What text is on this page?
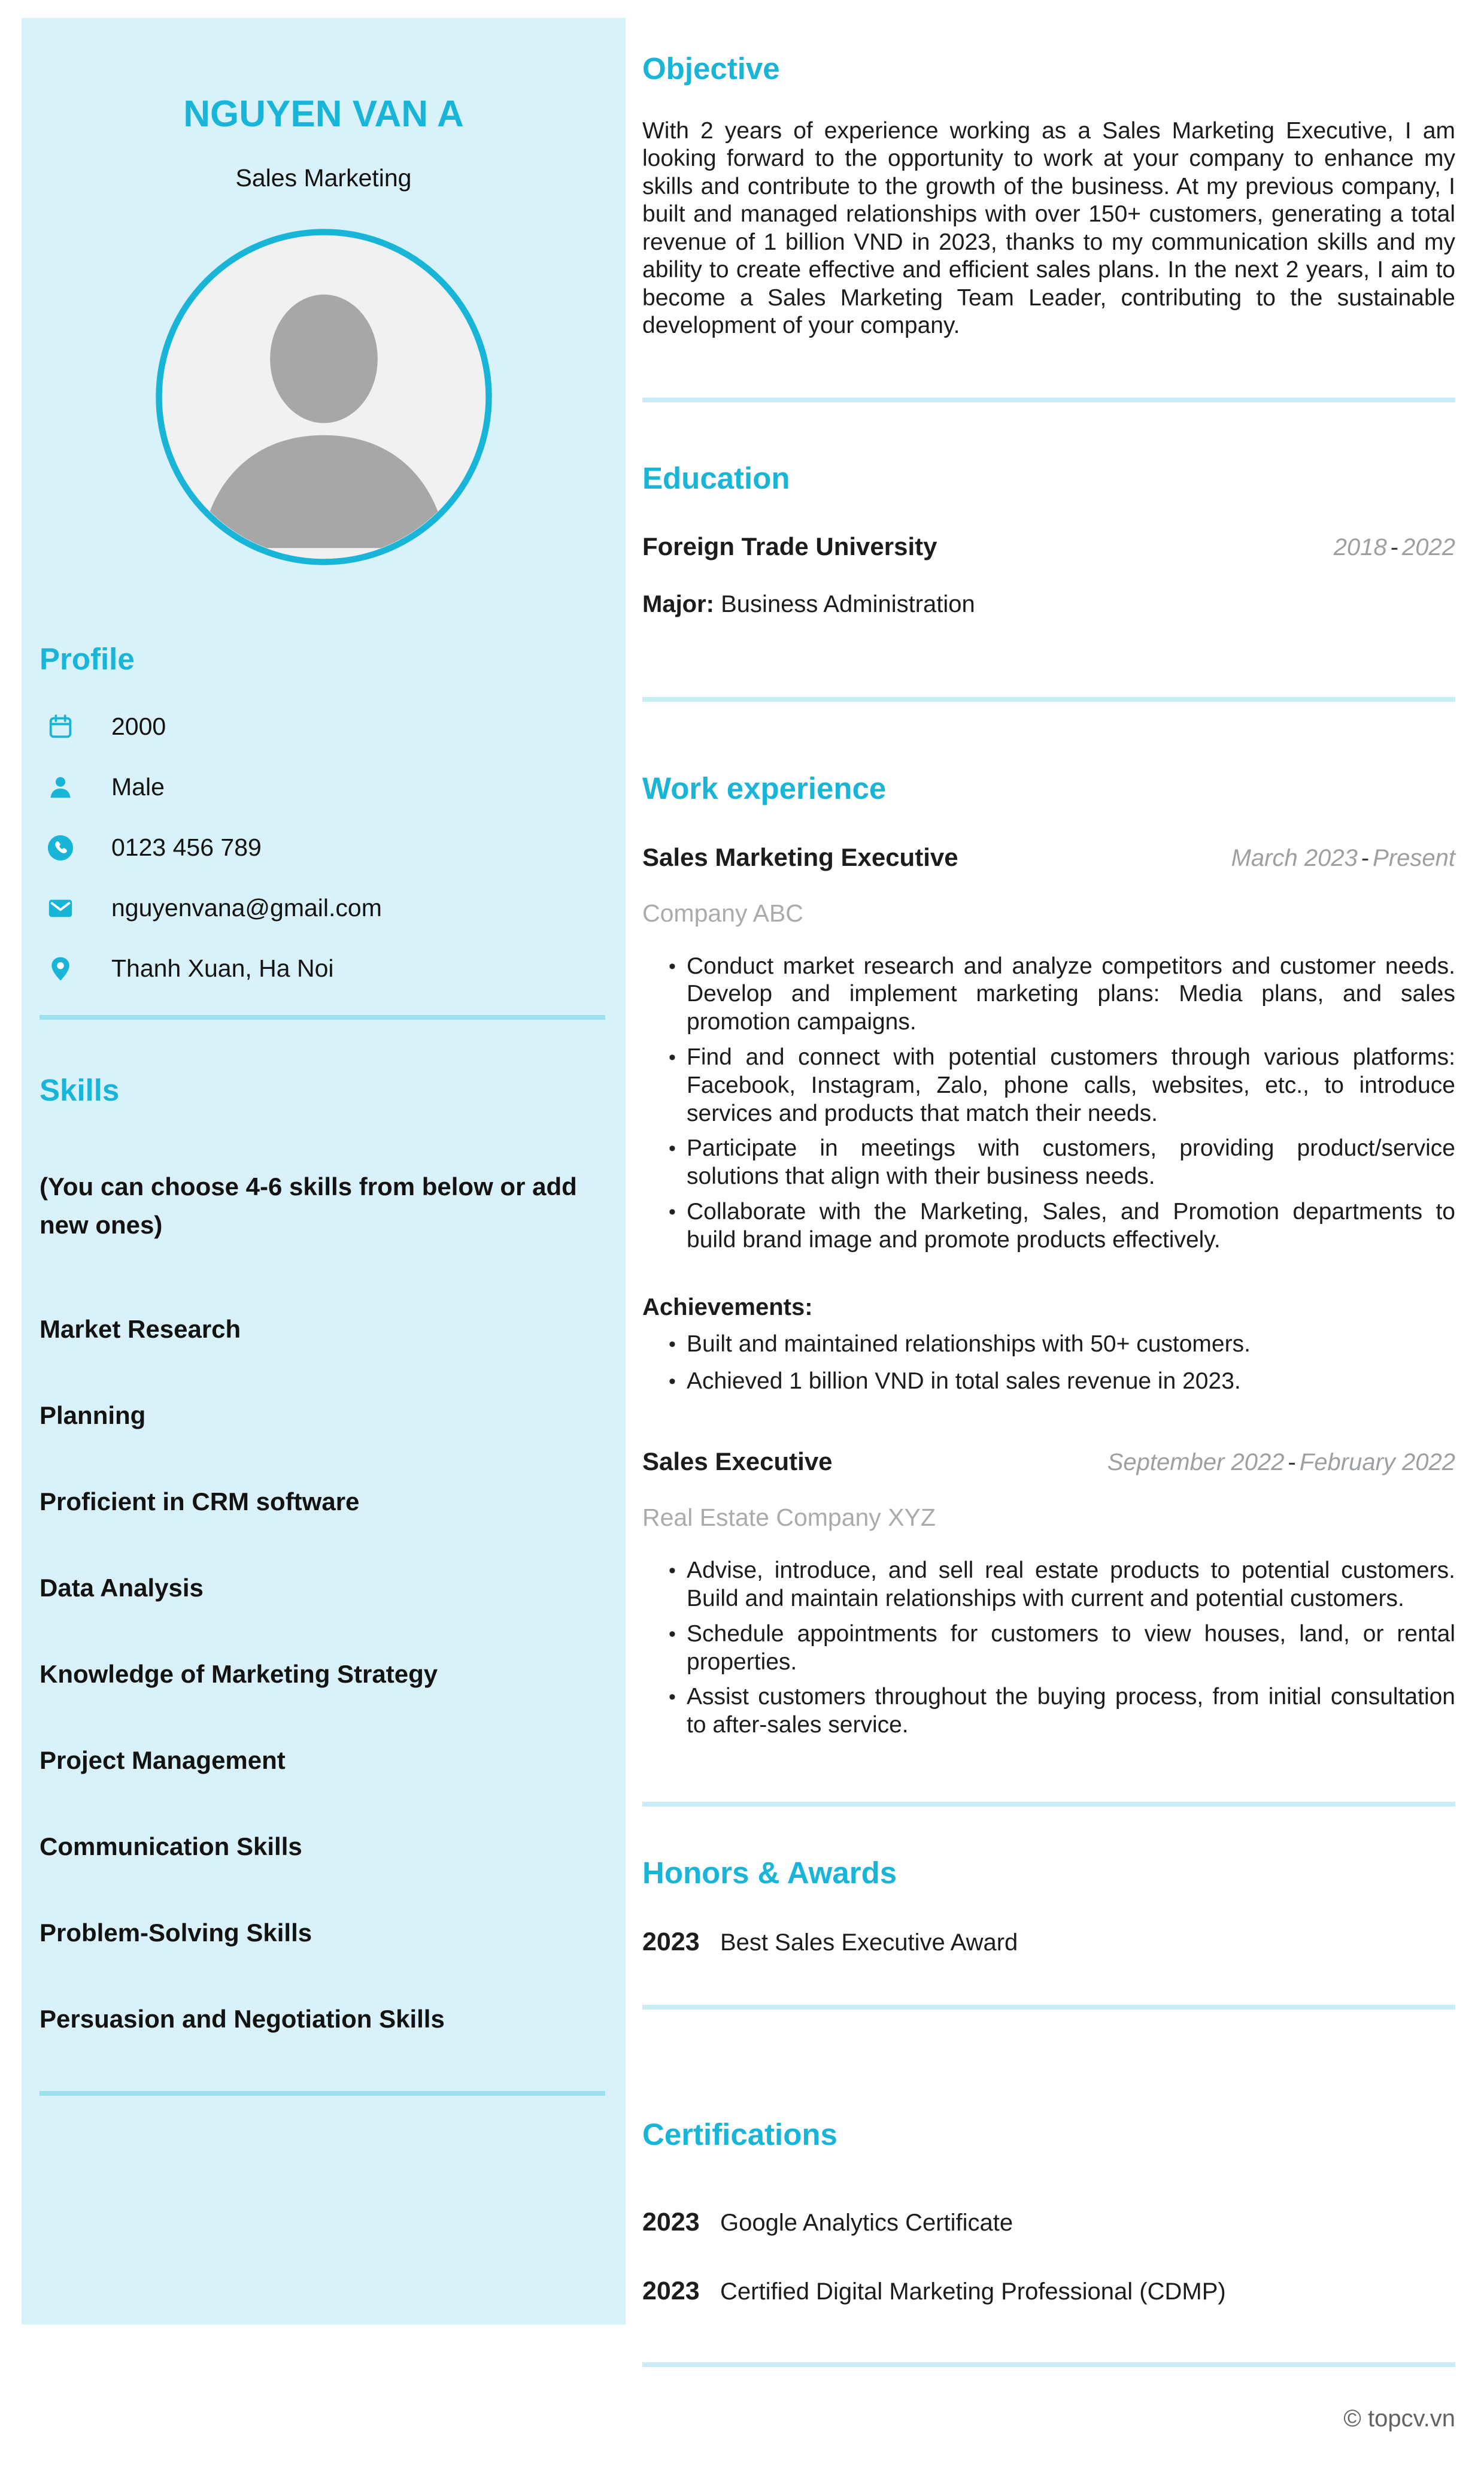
NGUYEN VAN A
Sales Marketing
Profile
2000
Male
0123 456 789
nguyenvana@gmail.com
Thanh Xuan, Ha Noi
Skills

(You can choose 4-6 skills from below or add new ones)

Market Research
Planning
Proficient in CRM software
Data Analysis
Knowledge of Marketing Strategy
Project Management
Communication Skills
Problem-Solving Skills
Persuasion and Negotiation Skills
Objective

With 2 years of experience working as a Sales Marketing Executive, I am looking forward to the opportunity to work at your company to enhance my skills and contribute to the growth of the business. At my previous company, I built and managed relationships with over 150+ customers, generating a total revenue of 1 billion VND in 2023, thanks to my communication skills and my ability to create effective and efficient sales plans. In the next 2 years, I aim to become a Sales Marketing Team Leader, contributing to the sustainable development of your company.

Education
Foreign Trade University	2018 - 2022
Major: Business Administration
Work experience
Sales Marketing Executive	March 2023 - Present
Company ABC
• Conduct market research and analyze competitors and customer needs. Develop and implement marketing plans: Media plans, and sales promotion campaigns.
• Find and connect with potential customers through various platforms: Facebook, Instagram, Zalo, phone calls, websites, etc., to introduce services and products that match their needs.
• Participate in meetings with customers, providing product/service solutions that align with their business needs.
• Collaborate with the Marketing, Sales, and Promotion departments to build brand image and promote products effectively.
Achievements:
• Built and maintained relationships with 50+ customers.
• Achieved 1 billion VND in total sales revenue in 2023.
Sales Executive	September 2022 - February 2022
Real Estate Company XYZ
• Advise, introduce, and sell real estate products to potential customers. Build and maintain relationships with current and potential customers.
• Schedule appointments for customers to view houses, land, or rental properties.
• Assist customers throughout the buying process, from initial consultation to after-sales service.
Honors & Awards
2023 Best Sales Executive Award
Certifications
2023 Google Analytics Certificate
2023 Certified Digital Marketing Professional (CDMP)
© topcv.vn
